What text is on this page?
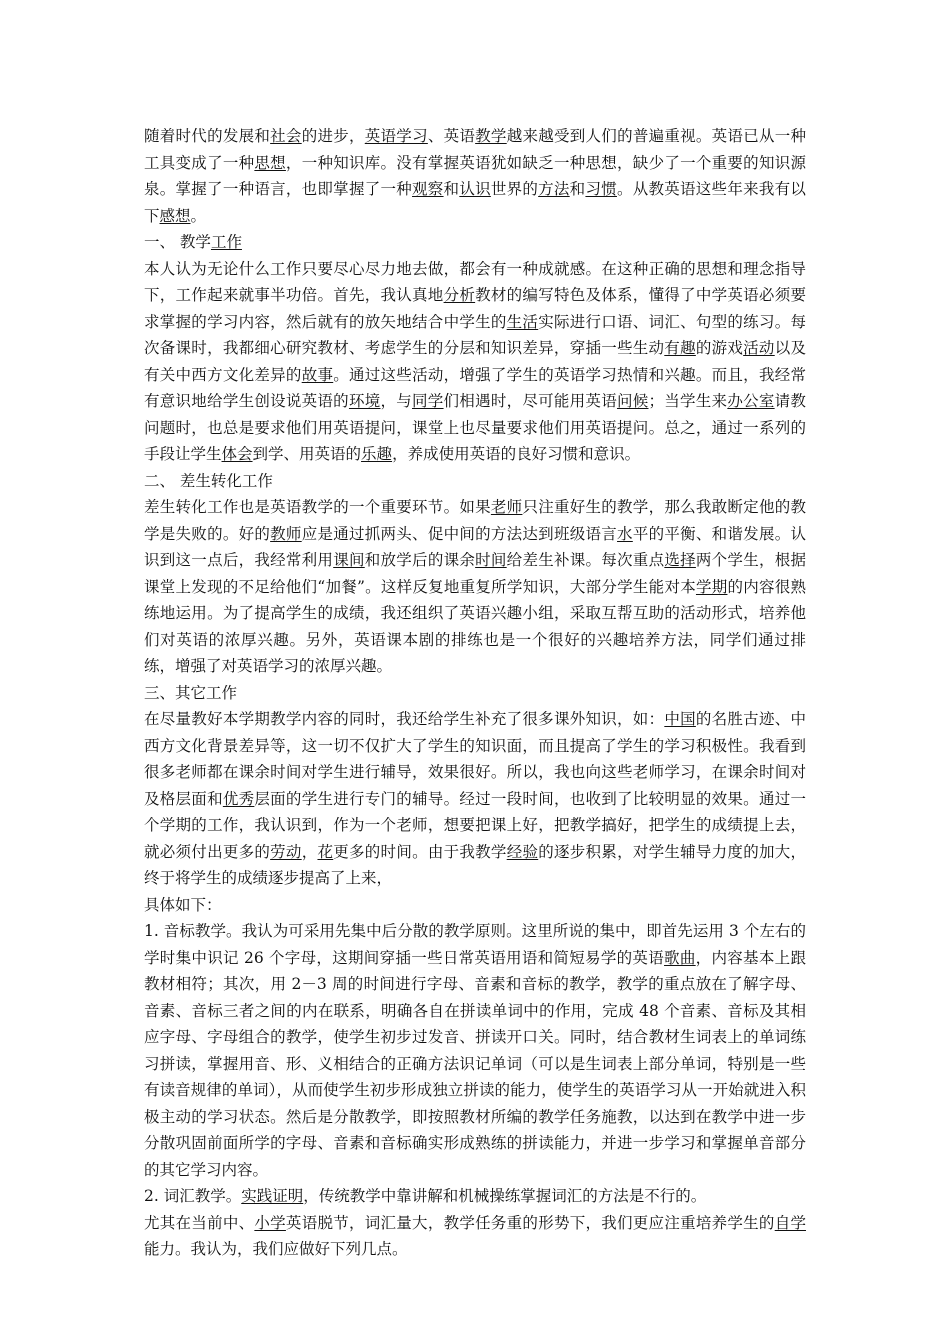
随着时代的发展和社会的进步，英语学习、英语教学越来越受到人们的普遍重视。英语已从一种工具变成了一种思想，一种知识库。没有掌握英语犹如缺乏一种思想，缺少了一个重要的知识源泉。掌握了一种语言，也即掌握了一种观察和认识世界的方法和习惯。从教英语这些年来我有以下感想。

一、 教学工作

本人认为无论什么工作只要尽心尽力地去做，都会有一种成就感。在这种正确的思想和理念指导下，工作起来就事半功倍。首先，我认真地分析教材的编写特色及体系，懂得了中学英语必须要求掌握的学习内容，然后就有的放矢地结合中学生的生活实际进行口语、词汇、句型的练习。每次备课时，我都细心研究教材、考虑学生的分层和知识差异，穿插一些生动有趣的游戏活动以及有关中西方文化差异的故事。通过这些活动，增强了学生的英语学习热情和兴趣。而且，我经常有意识地给学生创设说英语的环境，与同学们相遇时，尽可能用英语问候；当学生来办公室请教问题时，也总是要求他们用英语提问，课堂上也尽量要求他们用英语提问。总之，通过一系列的手段让学生体会到学、用英语的乐趣，养成使用英语的良好习惯和意识。

二、 差生转化工作

差生转化工作也是英语教学的一个重要环节。如果老师只注重好生的教学，那么我敢断定他的教学是失败的。好的教师应是通过抓两头、促中间的方法达到班级语言水平的平衡、和谐发展。认识到这一点后，我经常利用课间和放学后的课余时间给差生补课。每次重点选择两个学生，根据课堂上发现的不足给他们“加餐”。这样反复地重复所学知识，大部分学生能对本学期的内容很熟练地运用。为了提高学生的成绩，我还组织了英语兴趣小组，采取互帮互助的活动形式，培养他们对英语的浓厚兴趣。另外，英语课本剧的排练也是一个很好的兴趣培养方法，同学们通过排练，增强了对英语学习的浓厚兴趣。

三、其它工作

在尽量教好本学期教学内容的同时，我还给学生补充了很多课外知识，如：中国的名胜古迹、中西方文化背景差异等，这一切不仅扩大了学生的知识面，而且提高了学生的学习积极性。我看到很多老师都在课余时间对学生进行辅导，效果很好。所以，我也向这些老师学习，在课余时间对及格层面和优秀层面的学生进行专门的辅导。经过一段时间，也收到了比较明显的效果。通过一个学期的工作，我认识到，作为一个老师，想要把课上好，把教学搞好，把学生的成绩提上去，就必须付出更多的劳动，花更多的时间。由于我教学经验的逐步积累，对学生辅导力度的加大，终于将学生的成绩逐步提高了上来，

具体如下：

1. 音标教学。我认为可采用先集中后分散的教学原则。这里所说的集中，即首先运用 3 个左右的学时集中识记 26 个字母，这期间穿插一些日常英语用语和简短易学的英语歌曲，内容基本上跟教材相符；其次，用 2－3 周的时间进行字母、音素和音标的教学，教学的重点放在了解字母、音素、音标三者之间的内在联系，明确各自在拼读单词中的作用，完成 48 个音素、音标及其相应字母、字母组合的教学，使学生初步过发音、拼读开口关。同时，结合教材生词表上的单词练习拼读，掌握用音、形、义相结合的正确方法识记单词（可以是生词表上部分单词，特别是一些有读音规律的单词），从而使学生初步形成独立拼读的能力，使学生的英语学习从一开始就进入积极主动的学习状态。然后是分散教学，即按照教材所编的教学任务施教，以达到在教学中进一步分散巩固前面所学的字母、音素和音标确实形成熟练的拼读能力，并进一步学习和掌握单音部分的其它学习内容。

2. 词汇教学。实践证明，传统教学中靠讲解和机械操练掌握词汇的方法是不行的。

尤其在当前中、小学英语脱节，词汇量大，教学任务重的形势下，我们更应注重培养学生的自学能力。我认为，我们应做好下列几点。
